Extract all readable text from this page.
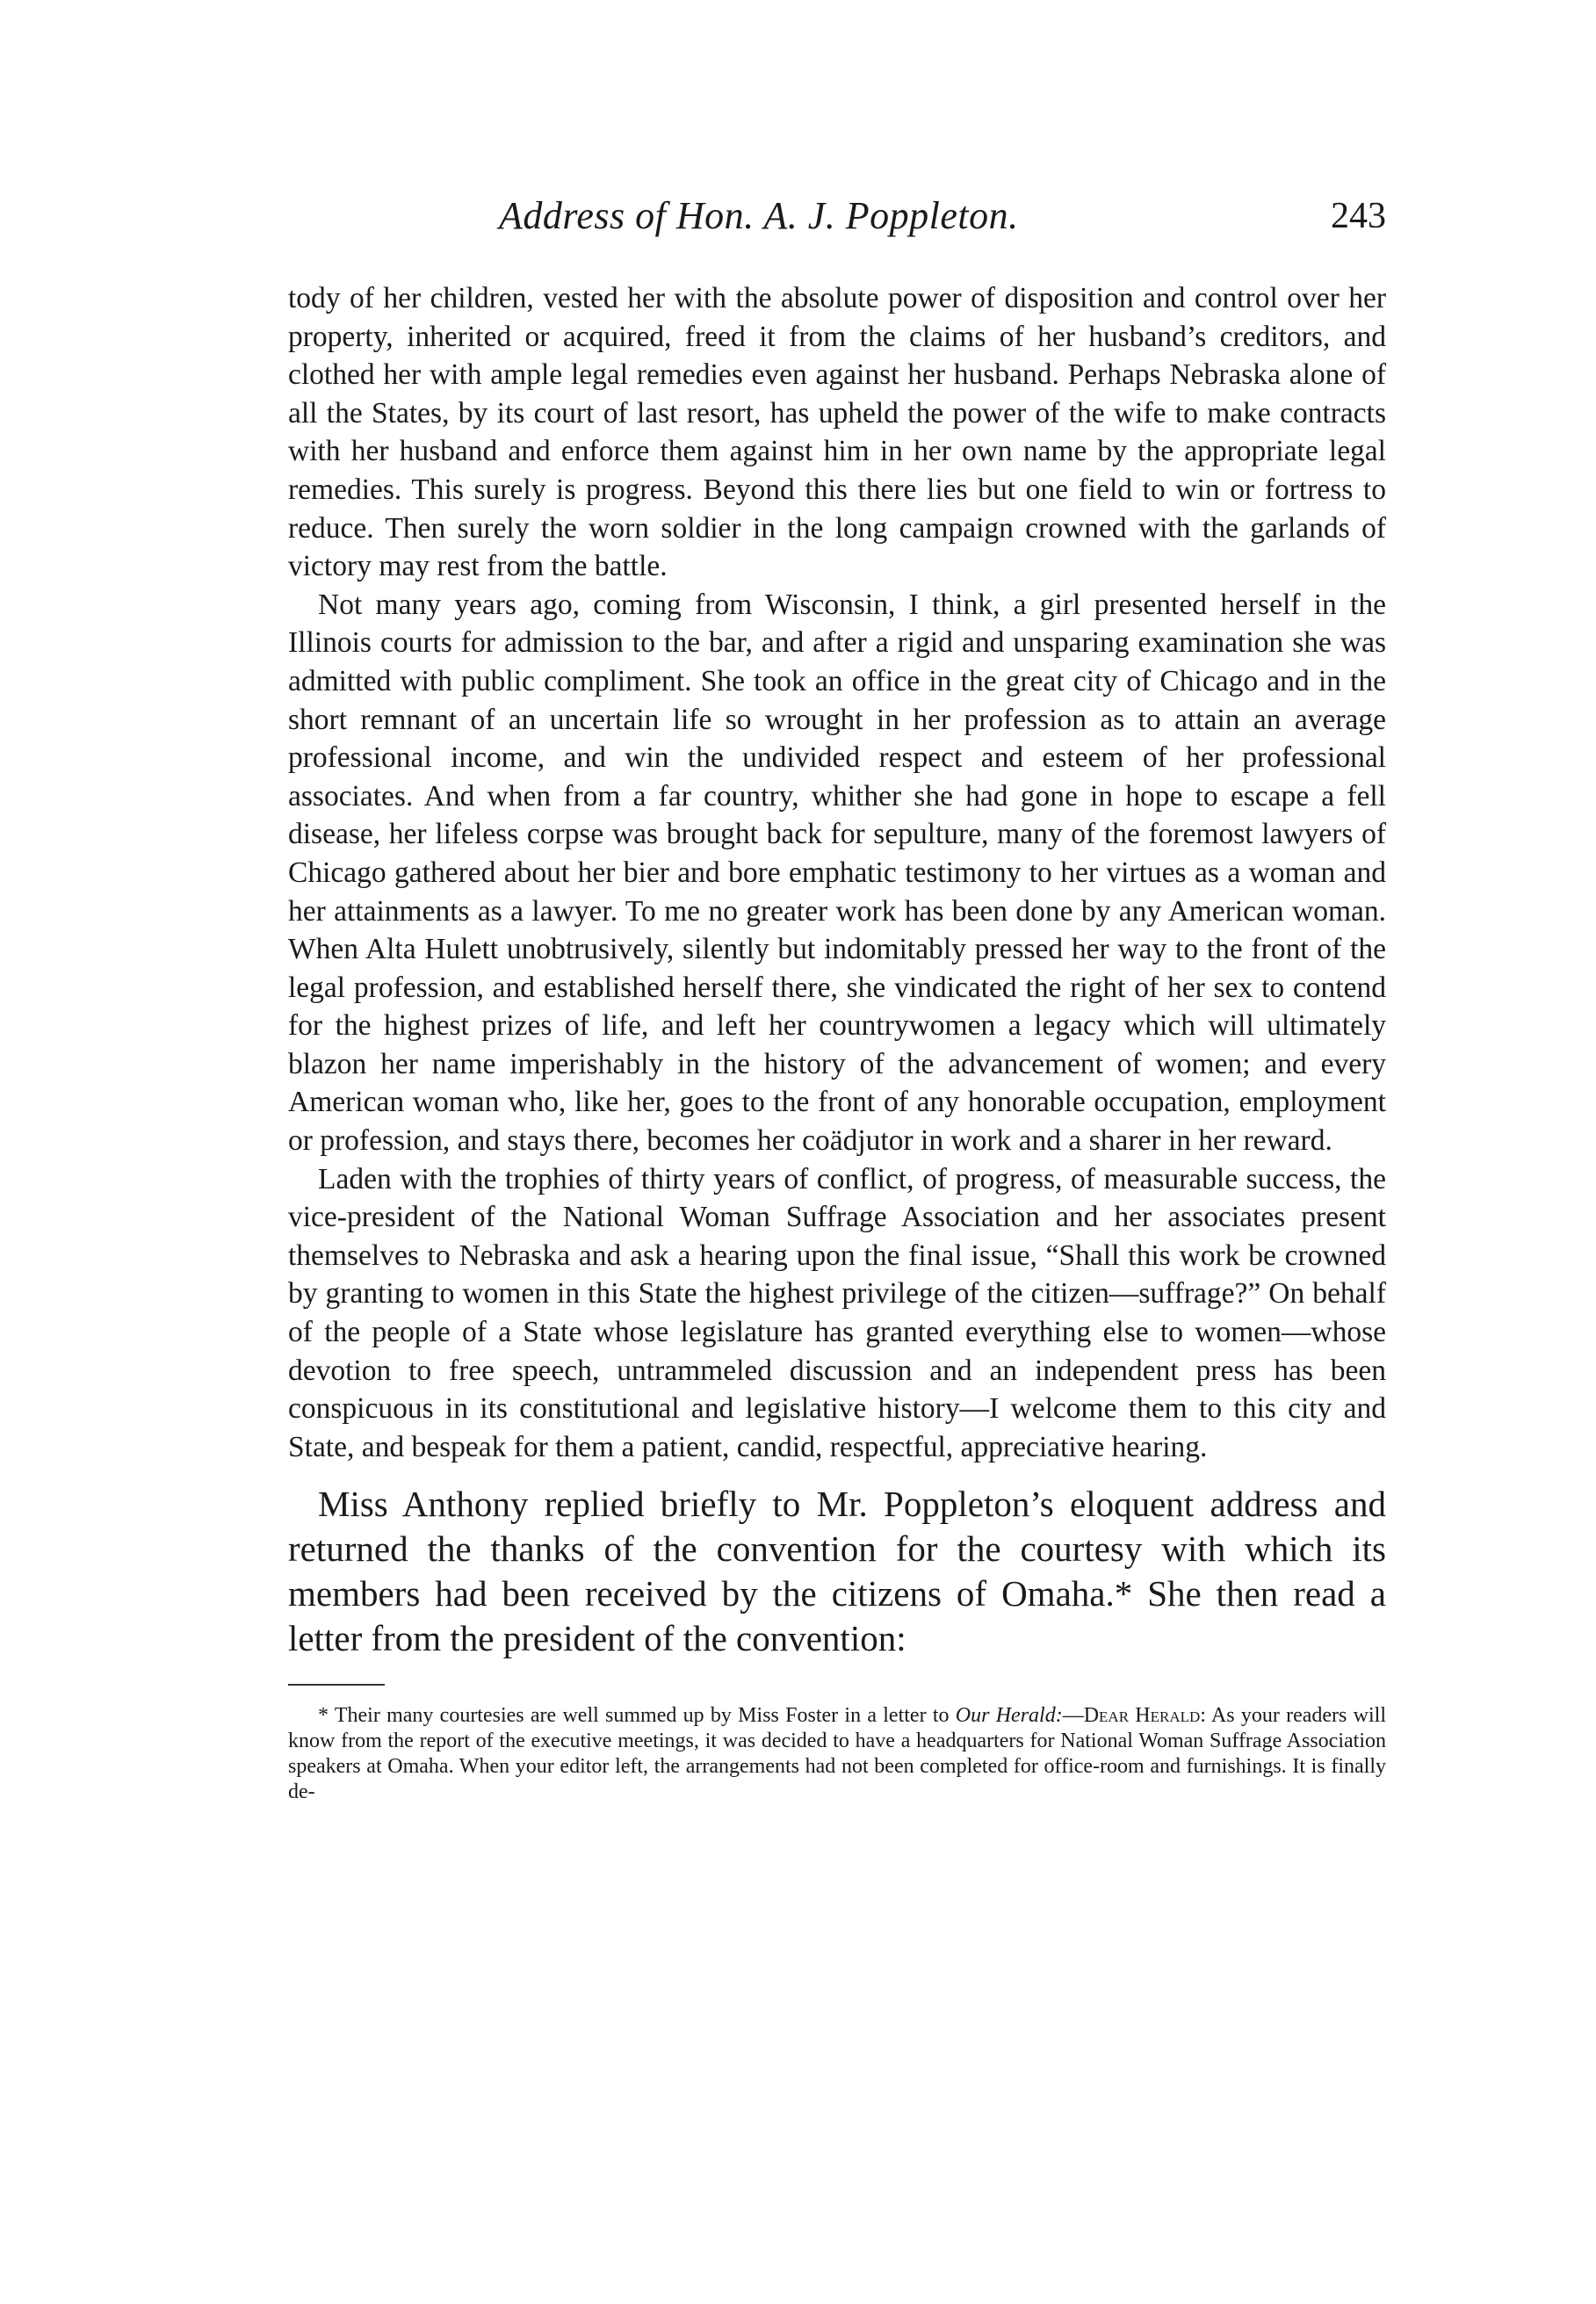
Address of Hon. A. J. Poppleton.	243

tody of her children, vested her with the absolute power of disposition and control over her property, inherited or acquired, freed it from the claims of her husband’s creditors, and clothed her with ample legal remedies even against her husband. Perhaps Nebraska alone of all the States, by its court of last resort, has upheld the power of the wife to make contracts with her husband and enforce them against him in her own name by the appropriate legal remedies. This surely is progress. Beyond this there lies but one field to win or fortress to reduce. Then surely the worn soldier in the long campaign crowned with the garlands of victory may rest from the battle.

Not many years ago, coming from Wisconsin, I think, a girl presented herself in the Illinois courts for admission to the bar, and after a rigid and unsparing examination she was admitted with public compliment. She took an office in the great city of Chicago and in the short remnant of an uncertain life so wrought in her profession as to attain an average professional income, and win the undivided respect and esteem of her professional associates. And when from a far country, whither she had gone in hope to escape a fell disease, her lifeless corpse was brought back for sepulture, many of the foremost lawyers of Chicago gathered about her bier and bore emphatic testimony to her virtues as a woman and her attainments as a lawyer. To me no greater work has been done by any American woman. When Alta Hulett unobtrusively, silently but indomitably pressed her way to the front of the legal profession, and established herself there, she vindicated the right of her sex to contend for the highest prizes of life, and left her countrywomen a legacy which will ultimately blazon her name imperishably in the history of the advancement of women; and every American woman who, like her, goes to the front of any honorable occupation, employment or profession, and stays there, becomes her coädjutor in work and a sharer in her reward.

Laden with the trophies of thirty years of conflict, of progress, of measurable success, the vice-president of the National Woman Suffrage Association and her associates present themselves to Nebraska and ask a hearing upon the final issue, “Shall this work be crowned by granting to women in this State the highest privilege of the citizen—suffrage?” On behalf of the people of a State whose legislature has granted everything else to women—whose devotion to free speech, untrammeled discussion and an independent press has been conspicuous in its constitutional and legislative history—I welcome them to this city and State, and bespeak for them a patient, candid, respectful, appreciative hearing.

Miss Anthony replied briefly to Mr. Poppleton’s eloquent address and returned the thanks of the convention for the courtesy with which its members had been received by the citizens of Omaha.* She then read a letter from the president of the convention:

* Their many courtesies are well summed up by Miss Foster in a letter to Our Herald:—Dear Herald: As your readers will know from the report of the executive meetings, it was decided to have a headquarters for National Woman Suffrage Association speakers at Omaha. When your editor left, the arrangements had not been completed for office-room and furnishings. It is finally de-
